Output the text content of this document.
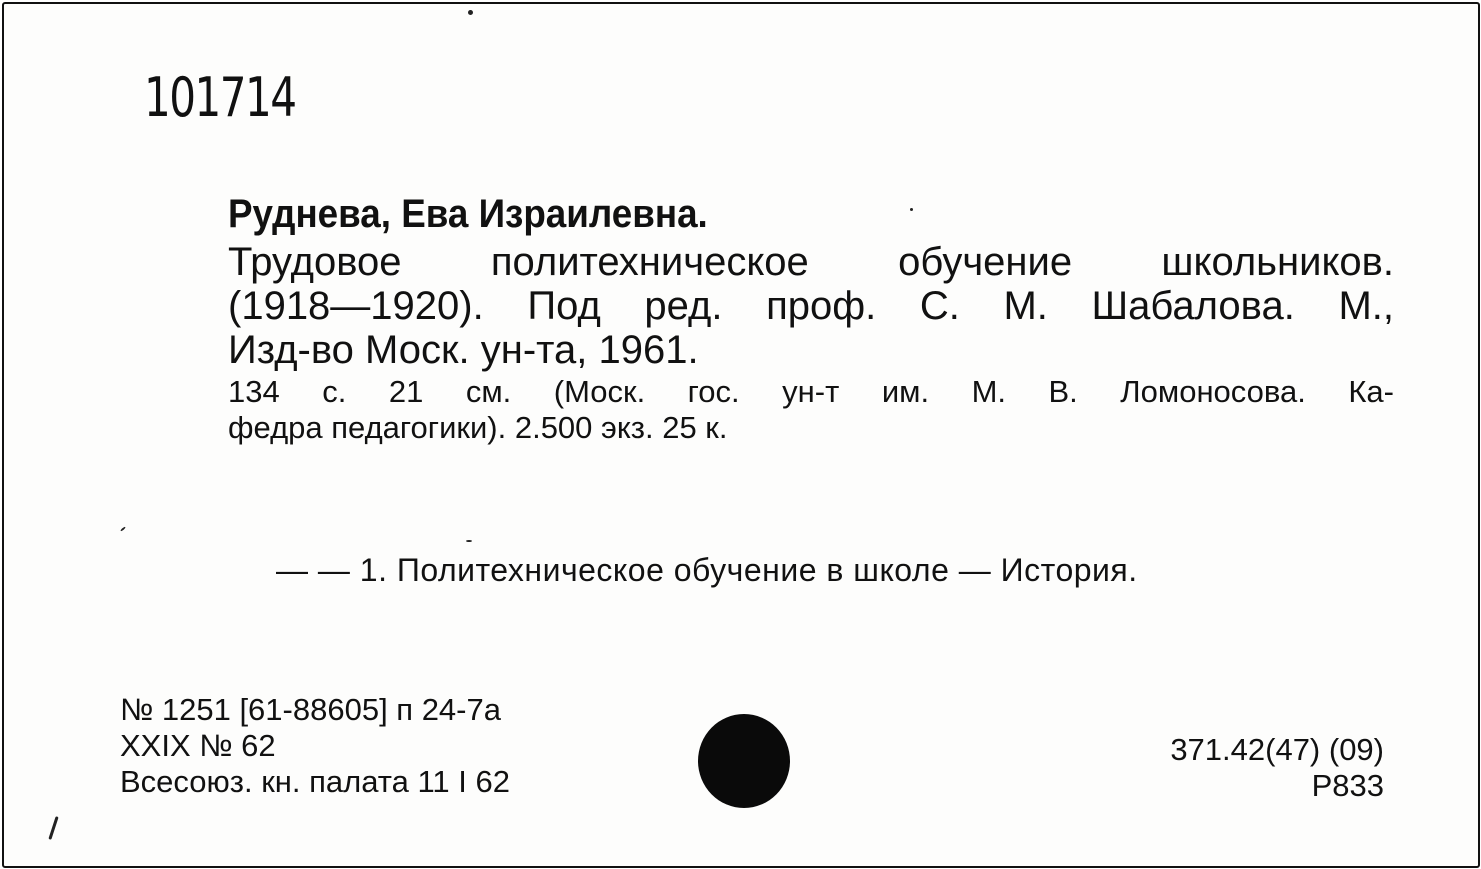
101714
Руднева, Ева Израилевна.
Трудовое политехническое обучение школьников.
(1918—1920). Под ред. проф. С. М. Шабалова. М.,
Изд-во Моск. ун-та, 1961.
134 с. 21 см. (Моск. гос. ун-т им. М. В. Ломоносова. Ка-
федра педагогики). 2.500 экз. 25 к.
— — 1. Политехническое обучение в школе — История.
№ 1251 [61-88605] п 24-7а
XXIX № 62
Всесоюз. кн. палата 11 I 62
371.42(47) (09)
Р833
